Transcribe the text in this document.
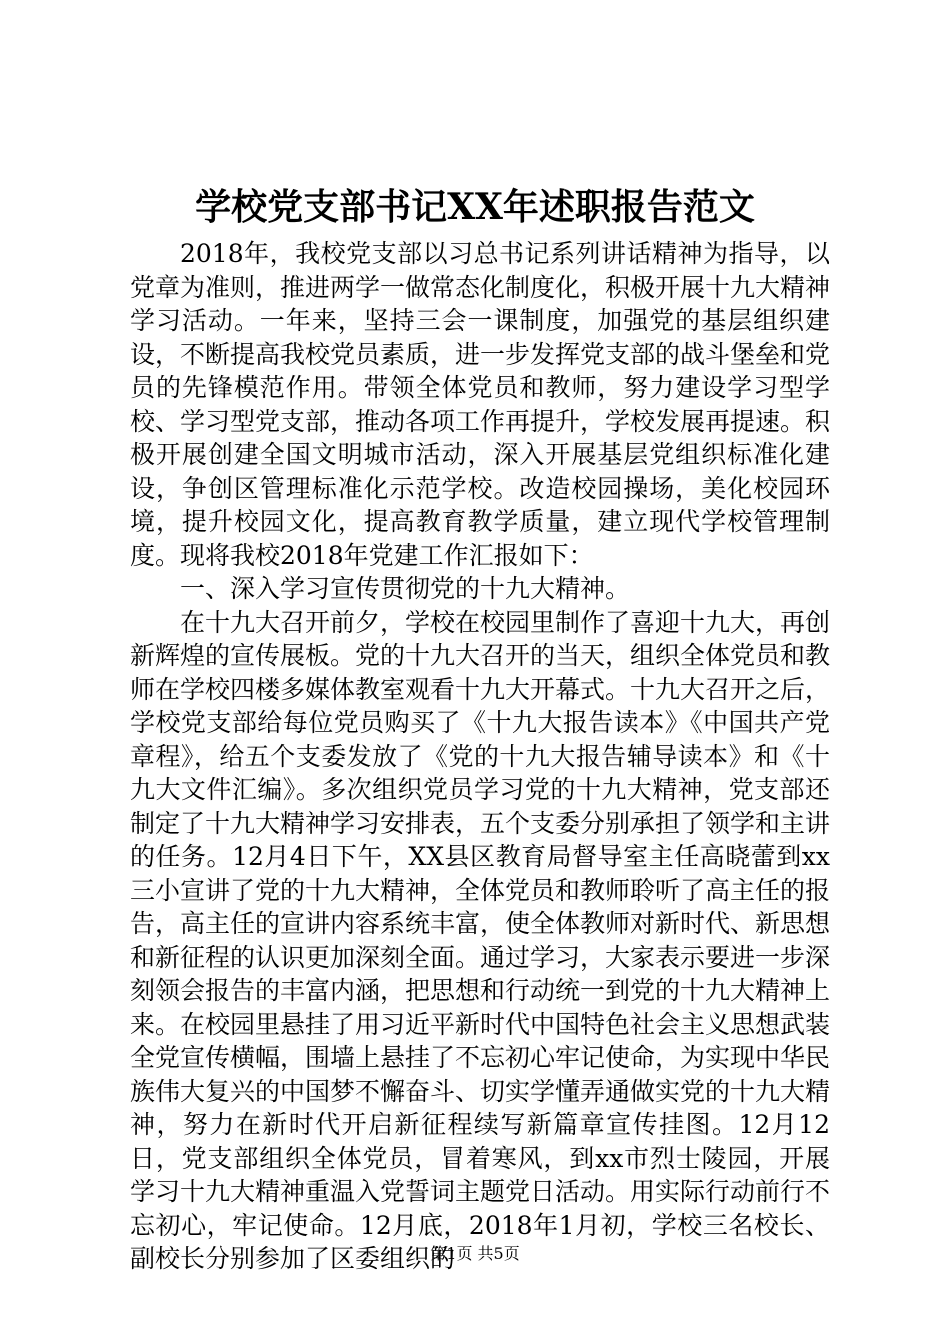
学校党支部书记XX年述职报告范文

2018年，我校党支部以习总书记系列讲话精神为指导，以党章为准则，推进两学一做常态化制度化，积极开展十九大精神学习活动。一年来，坚持三会一课制度，加强党的基层组织建设，不断提高我校党员素质，进一步发挥党支部的战斗堡垒和党员的先锋模范作用。带领全体党员和教师，努力建设学习型学校、学习型党支部，推动各项工作再提升，学校发展再提速。积极开展创建全国文明城市活动，深入开展基层党组织标准化建设，争创区管理标准化示范学校。改造校园操场，美化校园环境，提升校园文化，提高教育教学质量，建立现代学校管理制度。现将我校2018年党建工作汇报如下：

一、深入学习宣传贯彻党的十九大精神。

在十九大召开前夕，学校在校园里制作了喜迎十九大，再创新辉煌的宣传展板。党的十九大召开的当天，组织全体党员和教师在学校四楼多媒体教室观看十九大开幕式。十九大召开之后，学校党支部给每位党员购买了《十九大报告读本》《中国共产党章程》，给五个支委发放了《党的十九大报告辅导读本》和《十九大文件汇编》。多次组织党员学习党的十九大精神，党支部还制定了十九大精神学习安排表，五个支委分别承担了领学和主讲的任务。12月4日下午，XX县区教育局督导室主任高晓蕾到xx三小宣讲了党的十九大精神，全体党员和教师聆听了高主任的报告，高主任的宣讲内容系统丰富，使全体教师对新时代、新思想和新征程的认识更加深刻全面。通过学习，大家表示要进一步深刻领会报告的丰富内涵，把思想和行动统一到党的十九大精神上来。在校园里悬挂了用习近平新时代中国特色社会主义思想武装全党宣传横幅，围墙上悬挂了不忘初心牢记使命，为实现中华民族伟大复兴的中国梦不懈奋斗、切实学懂弄通做实党的十九大精神，努力在新时代开启新征程续写新篇章宣传挂图。12月12日，党支部组织全体党员，冒着寒风，到xx市烈士陵园，开展学习十九大精神重温入党誓词主题党日活动。用实际行动前行不忘初心，牢记使命。12月底，2018年1月初，学校三名校长、副校长分别参加了区委组织的

第1页 共5页
